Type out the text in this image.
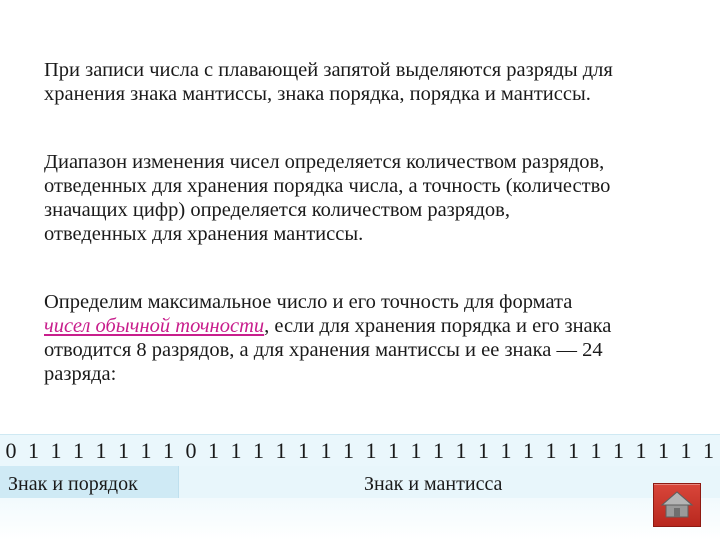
При записи числа с плавающей запятой выделяются разряды для
хранения знака мантиссы, знака порядка, порядка и мантиссы.
Диапазон изменения чисел определяется количеством разрядов,
отведенных для хранения порядка числа, а точность (количество
значащих цифр) определяется количеством разрядов,
отведенных для хранения мантиссы.
Определим максимальное число и его точность для формата
чисел обычной точности, если для хранения порядка и его знака
отводится 8 разрядов, а для хранения мантиссы и ее знака — 24
разряда:
0 1 1 1 1 1 1 1 0 1 1 1 1 1 1 1 1 1 1 1 1 1 1 1 1 1 1 1 1 1 1 1
Знак и порядок	Знак и мантисса
